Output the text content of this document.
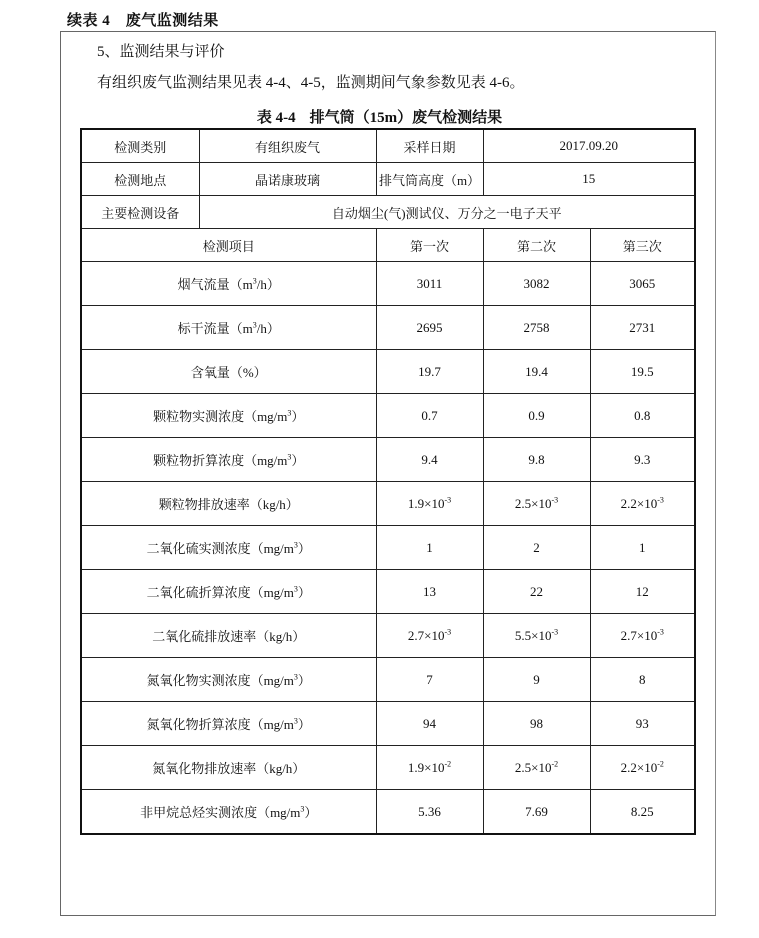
续表 4　废气监测结果
5、监测结果与评价
有组织废气监测结果见表 4-4、4-5，监测期间气象参数见表 4-6。
表 4-4 排气筒（15m）废气检测结果
检测类别	有组织废气	采样日期	2017.09.20	
检测地点	晶诺康玻璃	排气筒高度（m）	15	
主要检测设备	自动烟尘(气)测试仪、万分之一电子天平			
检测项目		第一次	第二次	第三次
烟气流量$(m^3/h)$		3011	3082	3065
标干流量$(m^3/h)$		2695	2758	2731
含氧量（%）		19.7	19.4	19.5
颗粒物实测浓度$(mg/m^3)$		0.7	0.9	0.8
颗粒物折算浓度$(mg/m^3)$		9.4	9.8	9.3
颗粒物排放速率（kg/h）		$1.9\times 10^{-3}$	$2.5\times 10^{-3}$	$2.2\times 10^{-3}$
二氧化硫实测浓度$(mg/m^3)$		1	2	1
二氧化硫折算浓度$(mg/m^3)$		13	22	12
二氧化硫排放速率（kg/h）		$2.7\times 10^{-3}$	$5.5\times 10^{-3}$	$2.7\times 10^{-3}$
氮氧化物实测浓度$(mg/m^3)$		7	9	8
氮氧化物折算浓度$(mg/m^3)$		94	98	93
氮氧化物排放速率（kg/h）		$1.9\times 10^{-2}$	$2.5\times 10^{-2}$	$2.2\times 10^{-2}$
非甲烷总烃实测浓度$(mg/m^3)$		5.36	7.69	8.25
